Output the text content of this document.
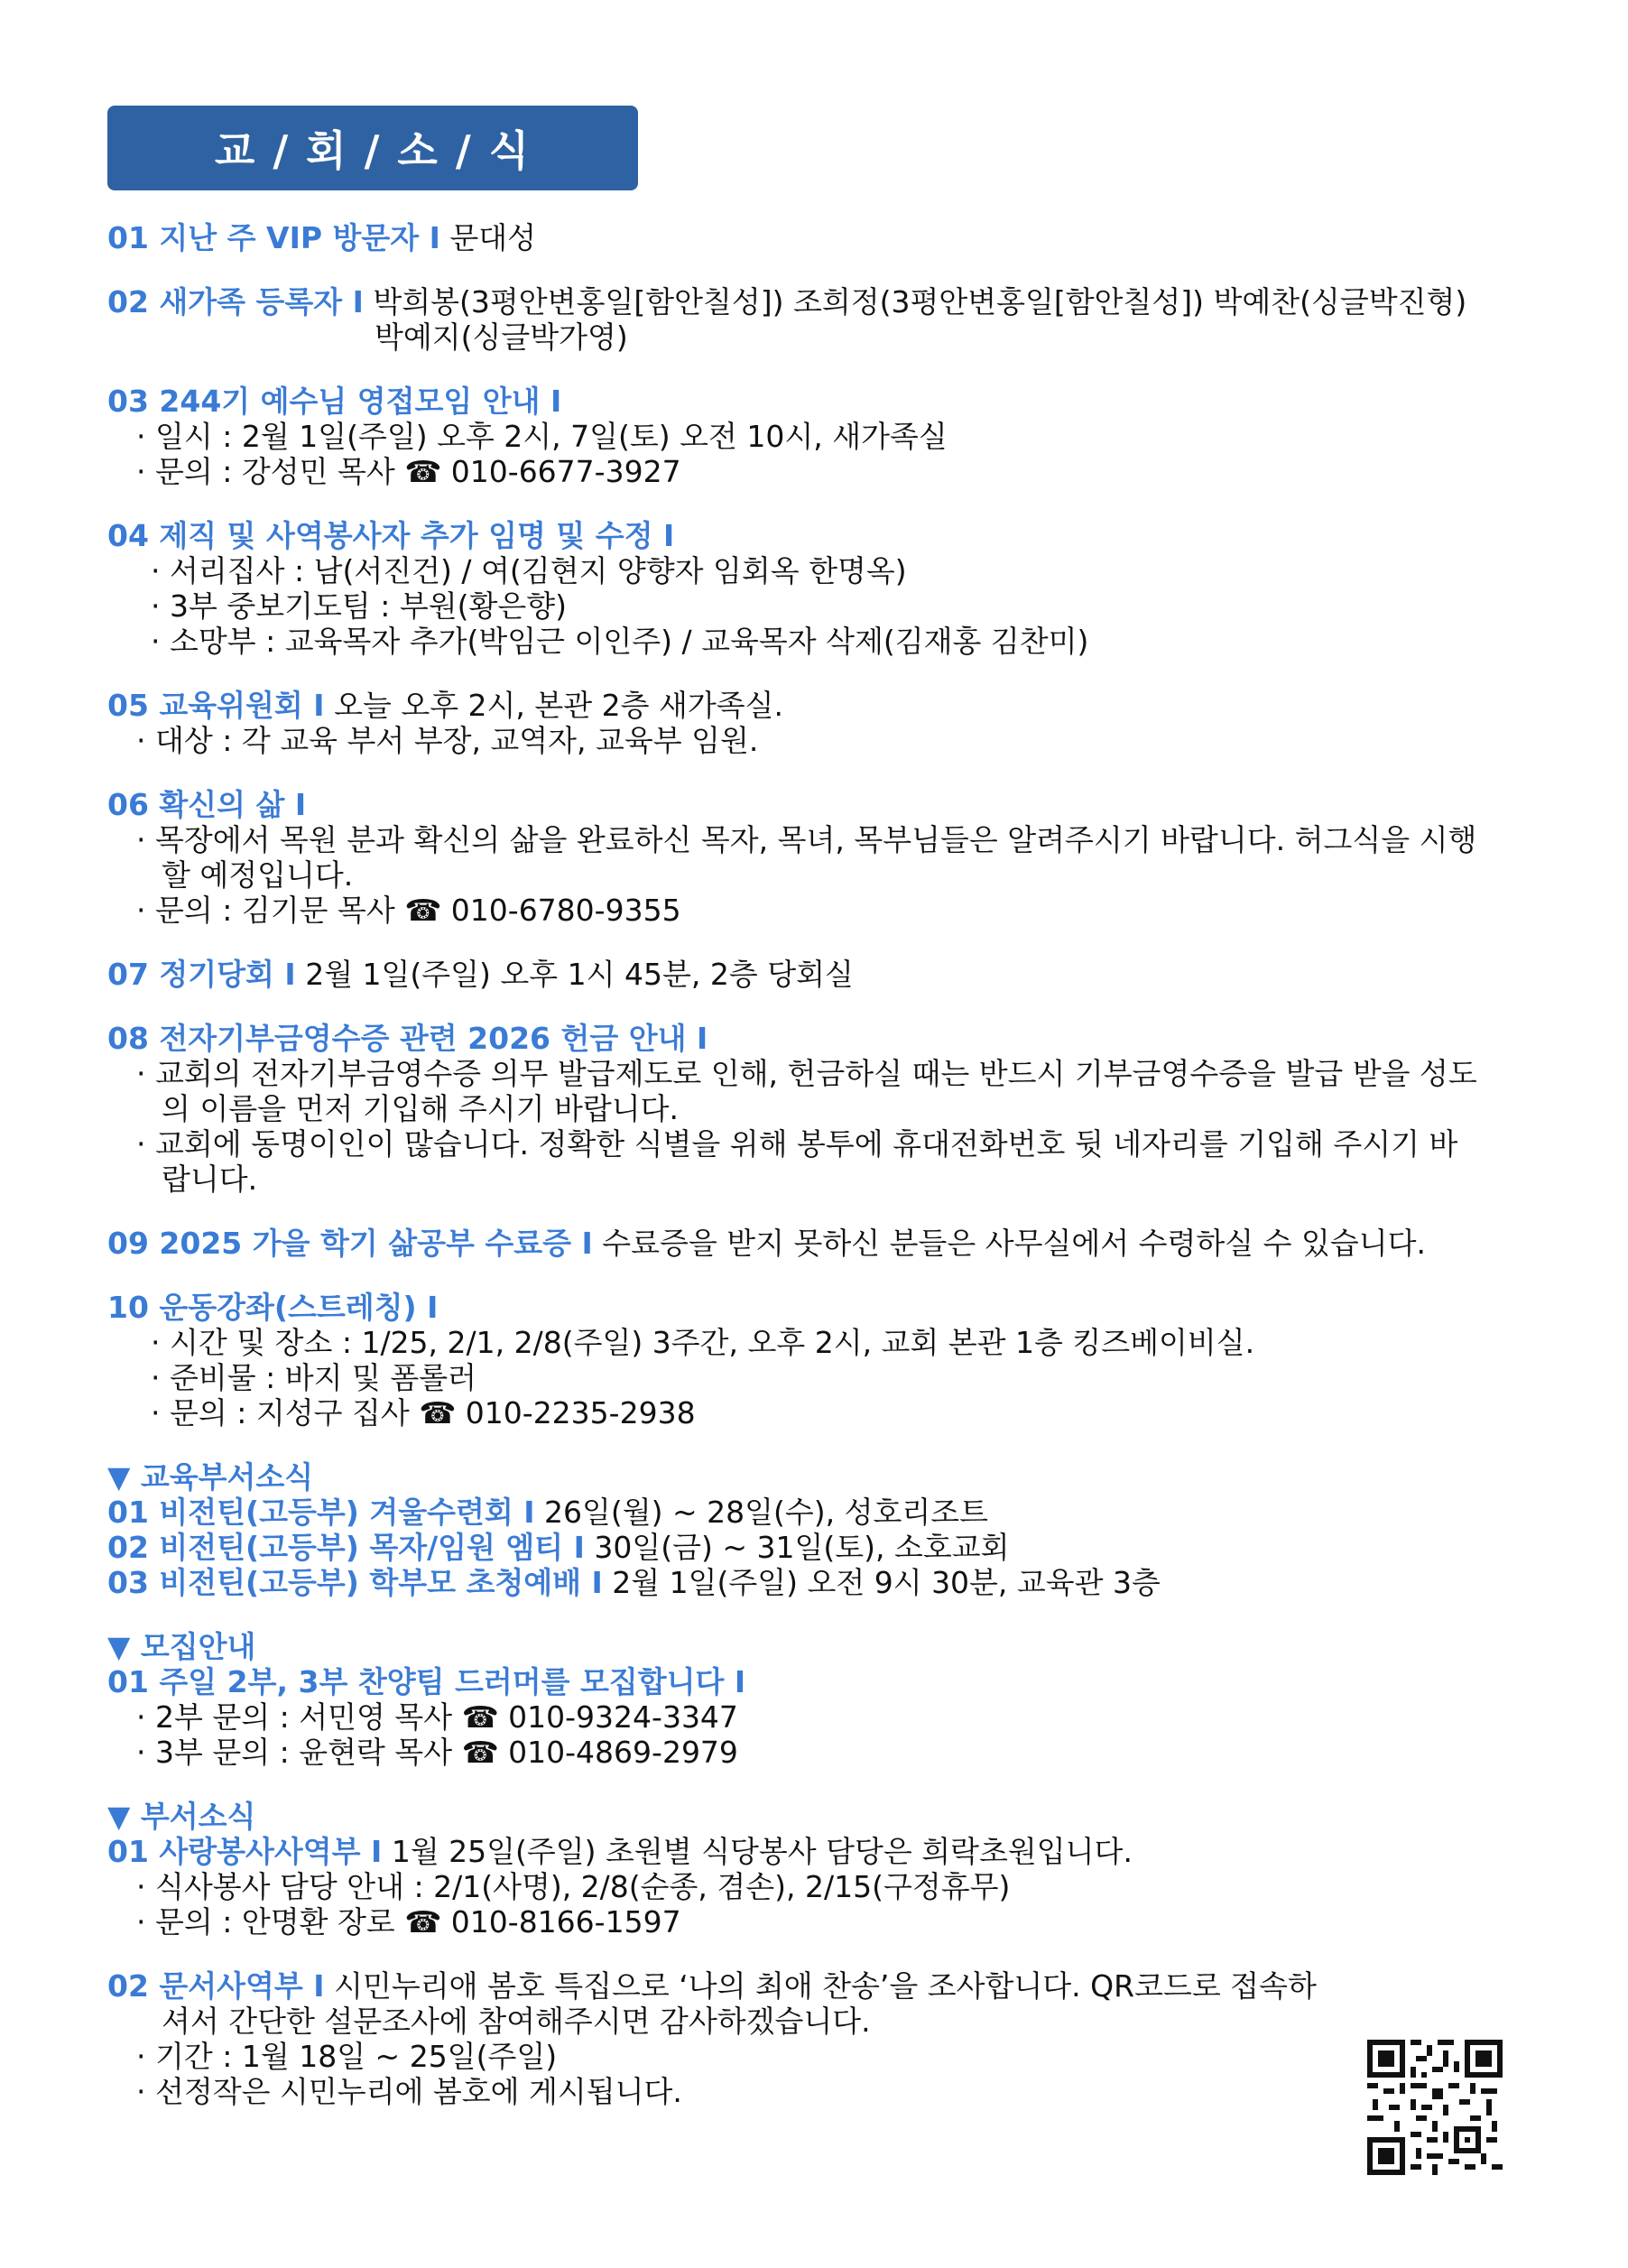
교 / 회 / 소 / 식
01 지난 주 VIP 방문자 I 문대성
02 새가족 등록자 I 박희봉(3평안변홍일[함안칠성]) 조희정(3평안변홍일[함안칠성]) 박예찬(싱글박진형)
박예지(싱글박가영)
03 244기 예수님 영접모임 안내 I
· 일시 : 2월 1일(주일) 오후 2시, 7일(토) 오전 10시, 새가족실
· 문의 : 강성민 목사 ☎ 010-6677-3927
04 제직 및 사역봉사자 추가 임명 및 수정 I
· 서리집사 : 남(서진건) / 여(김현지 양향자 임회옥 한명옥)
· 3부 중보기도팀 : 부원(황은향)
· 소망부 : 교육목자 추가(박임근 이인주) / 교육목자 삭제(김재홍 김찬미)
05 교육위원회 I 오늘 오후 2시, 본관 2층 새가족실.
· 대상 : 각 교육 부서 부장, 교역자, 교육부 임원.
06 확신의 삶 I
· 목장에서 목원 분과 확신의 삶을 완료하신 목자, 목녀, 목부님들은 알려주시기 바랍니다. 허그식을 시행
할 예정입니다.
· 문의 : 김기문 목사 ☎ 010-6780-9355
07 정기당회 I 2월 1일(주일) 오후 1시 45분, 2층 당회실
08 전자기부금영수증 관련 2026 헌금 안내 I
· 교회의 전자기부금영수증 의무 발급제도로 인해, 헌금하실 때는 반드시 기부금영수증을 발급 받을 성도
의 이름을 먼저 기입해 주시기 바랍니다.
· 교회에 동명이인이 많습니다. 정확한 식별을 위해 봉투에 휴대전화번호 뒷 네자리를 기입해 주시기 바
랍니다.
09 2025 가을 학기 삶공부 수료증 I 수료증을 받지 못하신 분들은 사무실에서 수령하실 수 있습니다.
10 운동강좌(스트레칭) I
· 시간 및 장소 : 1/25, 2/1, 2/8(주일) 3주간, 오후 2시, 교회 본관 1층 킹즈베이비실.
· 준비물 : 바지 및 폼롤러
· 문의 : 지성구 집사 ☎ 010-2235-2938
▼ 교육부서소식
01 비전틴(고등부) 겨울수련회 I 26일(월) ~ 28일(수), 성호리조트
02 비전틴(고등부) 목자/임원 엠티 I 30일(금) ~ 31일(토), 소호교회
03 비전틴(고등부) 학부모 초청예배 I 2월 1일(주일) 오전 9시 30분, 교육관 3층
▼ 모집안내
01 주일 2부, 3부 찬양팀 드러머를 모집합니다 I
· 2부 문의 : 서민영 목사 ☎ 010-9324-3347
· 3부 문의 : 윤현락 목사 ☎ 010-4869-2979
▼ 부서소식
01 사랑봉사사역부 I 1월 25일(주일) 초원별 식당봉사 담당은 희락초원입니다.
· 식사봉사 담당 안내 : 2/1(사명), 2/8(순종, 겸손), 2/15(구정휴무)
· 문의 : 안명환 장로 ☎ 010-8166-1597
02 문서사역부 I 시민누리애 봄호 특집으로 ‘나의 최애 찬송’을 조사합니다. QR코드로 접속하
셔서 간단한 설문조사에 참여해주시면 감사하겠습니다.
· 기간 : 1월 18일 ~ 25일(주일)
· 선정작은 시민누리에 봄호에 게시됩니다.
